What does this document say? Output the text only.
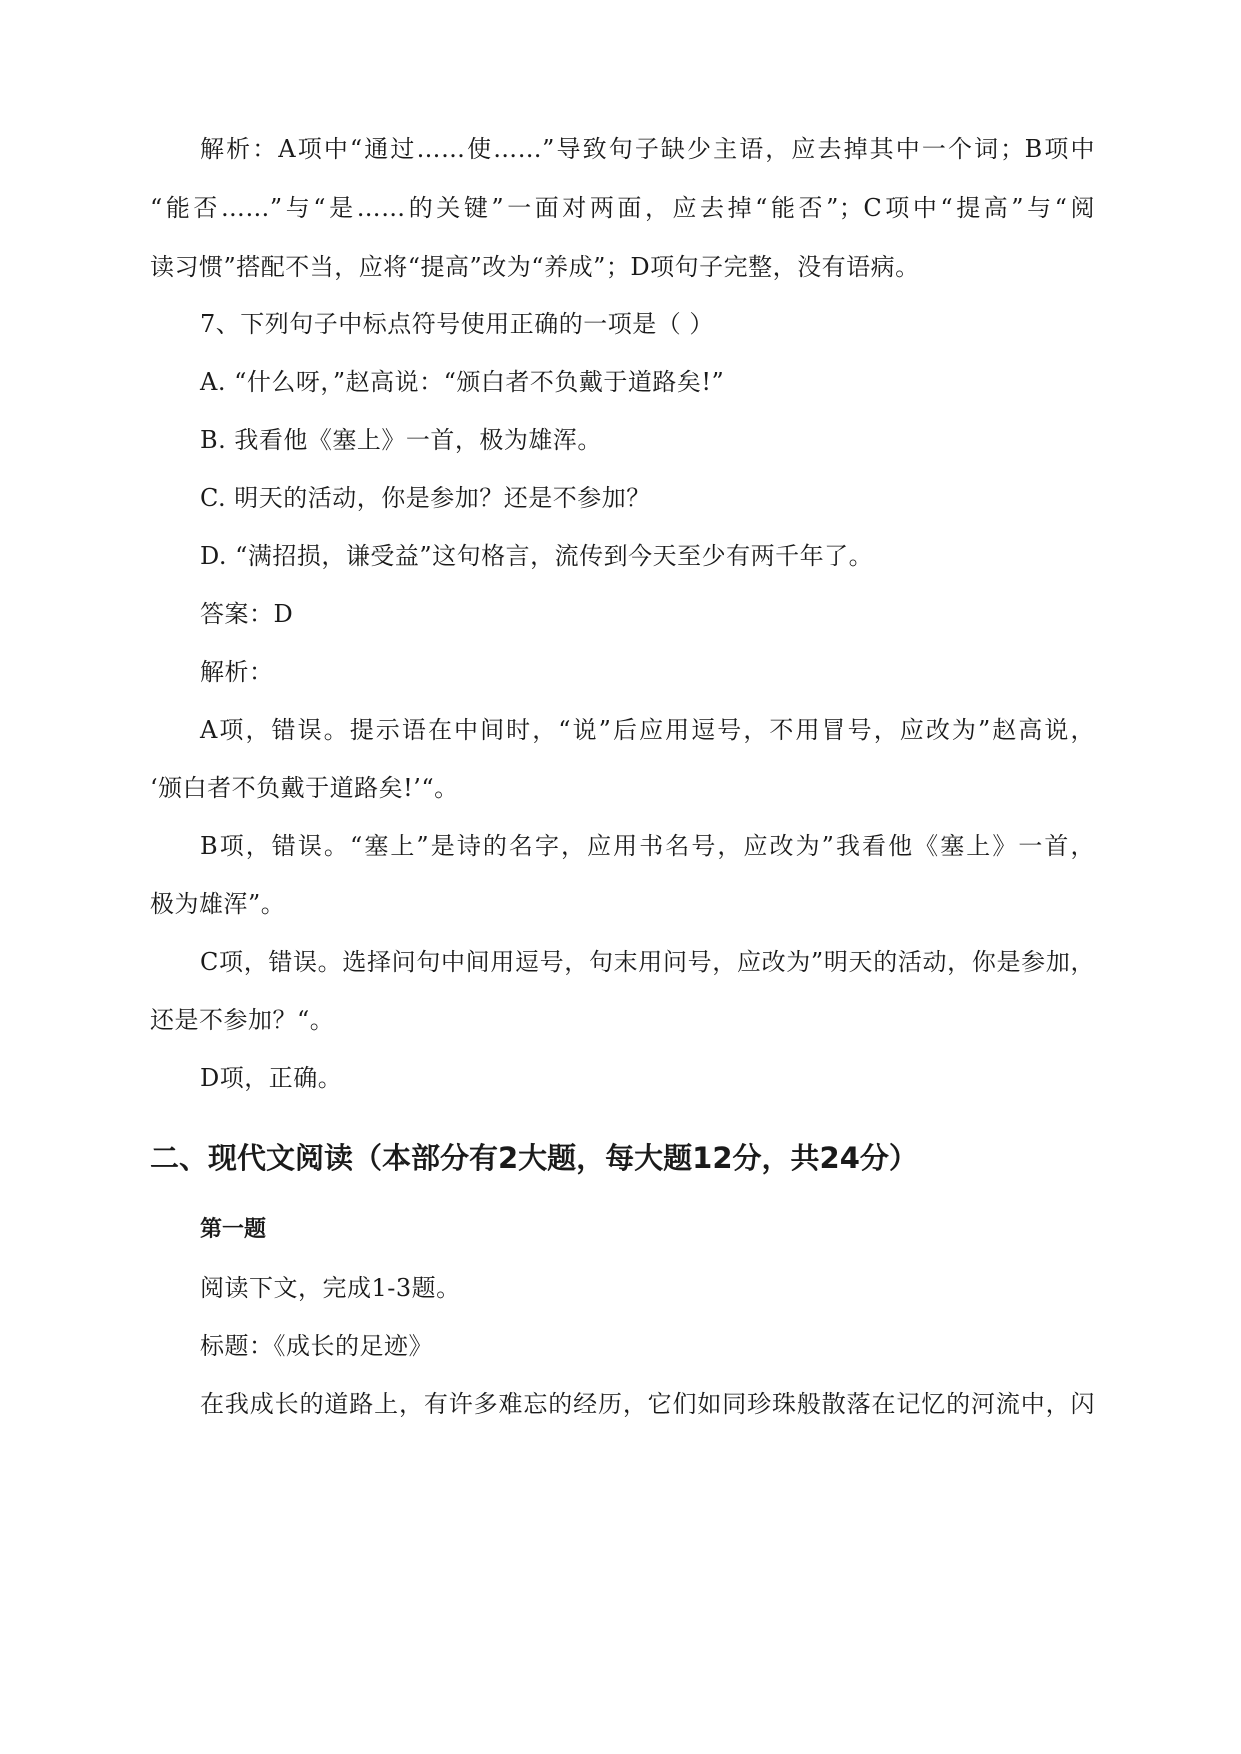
解析：A项中“通过……使……”导致句子缺少主语，应去掉其中一个词；B项中
“能否……”与“是……的关键”一面对两面，应去掉“能否”；C项中“提高”与“阅
读习惯”搭配不当，应将“提高”改为“养成”；D项句子完整，没有语病。
7、下列句子中标点符号使用正确的一项是（ ）
A. “什么呀，”赵高说：“颁白者不负戴于道路矣!”
B. 我看他《塞上》一首，极为雄浑。
C. 明天的活动，你是参加？还是不参加？
D. “满招损，谦受益”这句格言，流传到今天至少有两千年了。
答案：D
解析：
A项，错误。提示语在中间时，“说”后应用逗号，不用冒号，应改为”赵高说，
‘颁白者不负戴于道路矣!’“。
B项，错误。“塞上”是诗的名字，应用书名号，应改为”我看他《塞上》一首，
极为雄浑”。
C项，错误。选择问句中间用逗号，句末用问号，应改为”明天的活动，你是参加，
还是不参加？“。
D项，正确。
二、现代文阅读（本部分有2大题，每大题12分，共24分）
第一题
阅读下文，完成1-3题。
标题：《成长的足迹》
在我成长的道路上，有许多难忘的经历，它们如同珍珠般散落在记忆的河流中，闪
